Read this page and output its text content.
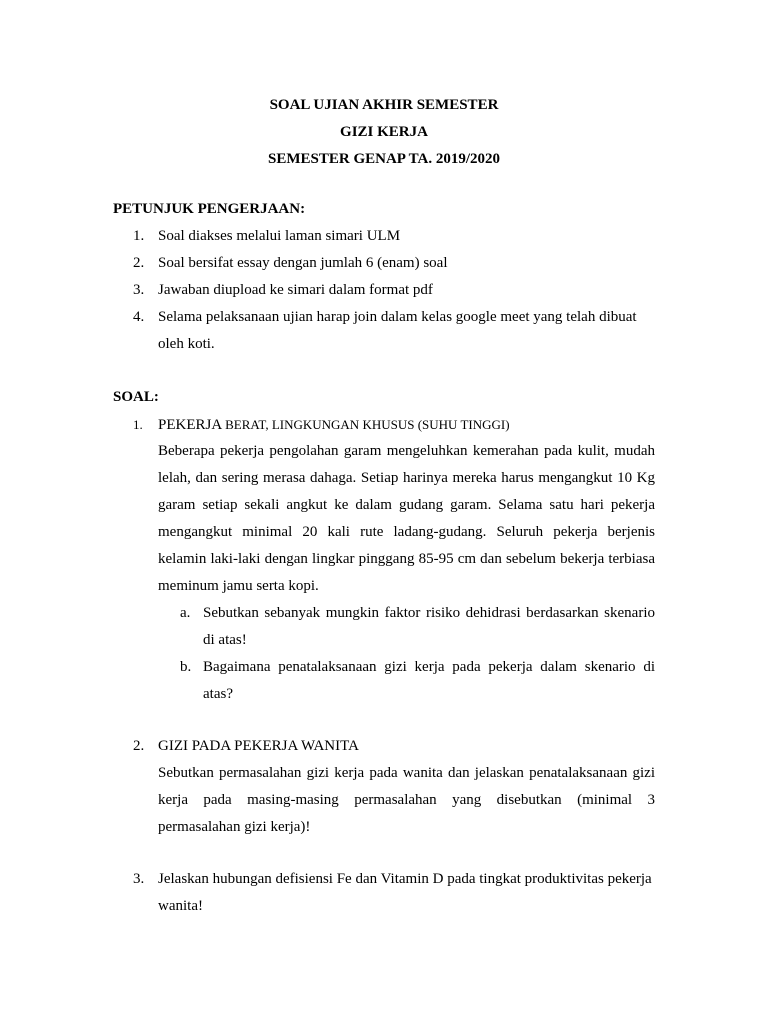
SOAL UJIAN AKHIR SEMESTER
GIZI KERJA
SEMESTER GENAP TA. 2019/2020
PETUNJUK PENGERJAAN:
1. Soal diakses melalui laman simari ULM
2. Soal bersifat essay dengan jumlah 6 (enam) soal
3. Jawaban diupload ke simari dalam format pdf
4. Selama pelaksanaan ujian harap join dalam kelas google meet yang telah dibuat
oleh koti.
SOAL:
1. PEKERJA BERAT, LINGKUNGAN KHUSUS (SUHU TINGGI)
Beberapa pekerja pengolahan garam mengeluhkan kemerahan pada kulit, mudah
lelah, dan sering merasa dahaga. Setiap harinya mereka harus mengangkut 10 Kg
garam setiap sekali angkut ke dalam gudang garam. Selama satu hari pekerja
mengangkut minimal 20 kali rute ladang-gudang. Seluruh pekerja berjenis
kelamin laki-laki dengan lingkar pinggang 85-95 cm dan sebelum bekerja terbiasa
meminum jamu serta kopi.
a. Sebutkan sebanyak mungkin faktor risiko dehidrasi berdasarkan skenario
di atas!
b. Bagaimana penatalaksanaan gizi kerja pada pekerja dalam skenario di
atas?
2. GIZI PADA PEKERJA WANITA
Sebutkan permasalahan gizi kerja pada wanita dan jelaskan penatalaksanaan gizi
kerja pada masing-masing permasalahan yang disebutkan (minimal 3
permasalahan gizi kerja)!
3. Jelaskan hubungan defisiensi Fe dan Vitamin D pada tingkat produktivitas pekerja
wanita!
